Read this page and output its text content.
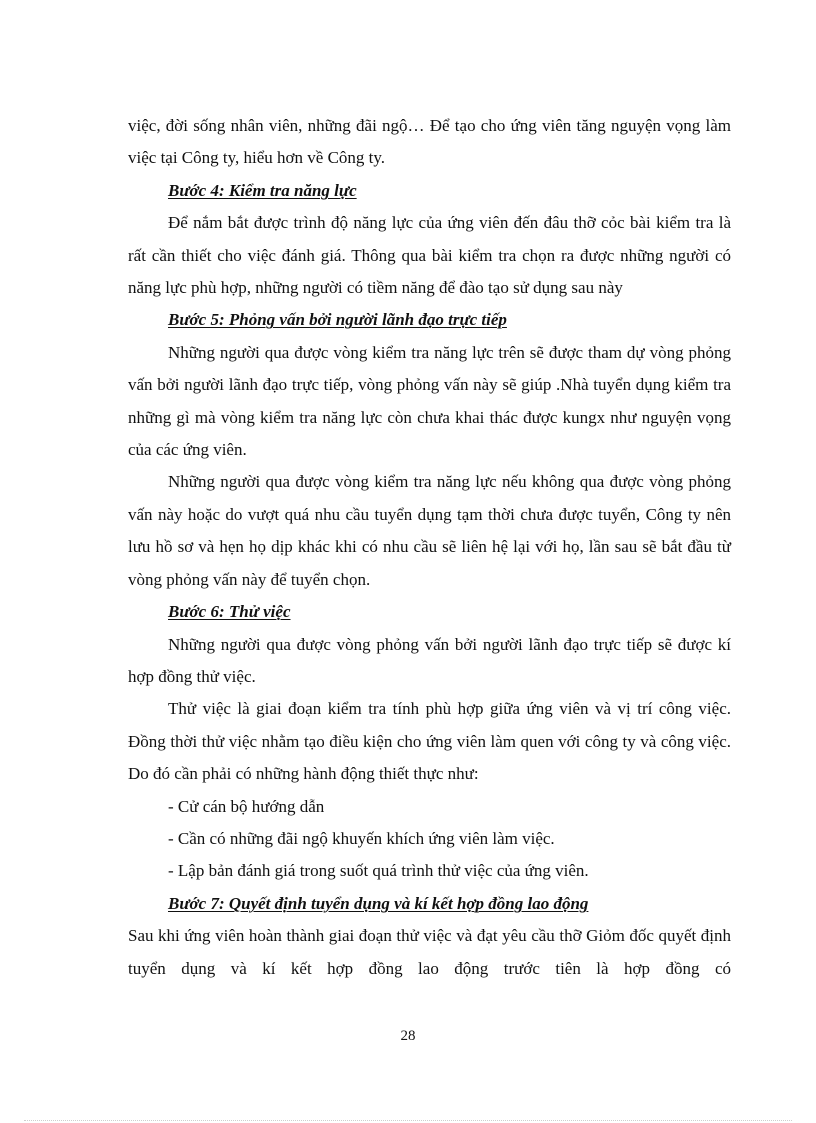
việc, đời sống nhân viên, những đãi ngộ… Để tạo cho ứng viên tăng nguyện vọng làm việc tại Công ty, hiểu hơn về Công ty.

Bước 4: Kiểm tra năng lực

Để nắm bắt được trình độ năng lực của ứng viên đến đâu thỡ cỏc bài kiểm tra là rất cần thiết cho việc đánh giá. Thông qua bài kiểm tra chọn ra được những người có năng lực phù hợp, những người có tiềm năng để đào tạo sử dụng sau này

Bước 5: Phỏng vấn bởi người lãnh đạo trực tiếp

Những người qua được vòng kiểm tra năng lực trên sẽ được tham dự vòng phỏng vấn bởi người lãnh đạo trực tiếp, vòng phỏng vấn này sẽ giúp .Nhà tuyển dụng kiểm tra những gì mà vòng kiểm tra năng lực còn chưa khai thác được kungx như nguyện vọng của các ứng viên.

Những người qua được vòng kiểm tra năng lực nếu không qua được vòng phỏng vấn này hoặc do vượt quá nhu cầu tuyển dụng tạm thời chưa được tuyển, Công ty nên lưu hồ sơ và hẹn họ dịp khác khi có nhu cầu sẽ liên hệ lại với họ, lần sau sẽ bắt đầu từ vòng phỏng vấn này để tuyển chọn.

Bước 6: Thử việc

Những người qua được vòng phỏng vấn bởi người lãnh đạo trực tiếp sẽ được kí hợp đồng thử việc.

Thử việc là giai đoạn kiểm tra tính phù hợp giữa ứng viên và vị trí công việc. Đồng thời thử việc nhằm tạo điều kiện cho ứng viên làm quen với công ty và công việc. Do đó cần phải có những hành động thiết thực như:

- Cử cán bộ hướng dẫn

- Cần có những đãi ngộ khuyến khích ứng viên làm việc.

- Lập bản đánh giá trong suốt quá trình thử việc của ứng viên.

Bước 7: Quyết định tuyển dụng và kí kết hợp đồng lao động

Sau khi ứng viên hoàn thành giai đoạn thử việc và đạt yêu cầu thỡ Giỏm đốc quyết định tuyển dụng và kí kết hợp đồng lao động trước tiên là hợp đồng có

28
